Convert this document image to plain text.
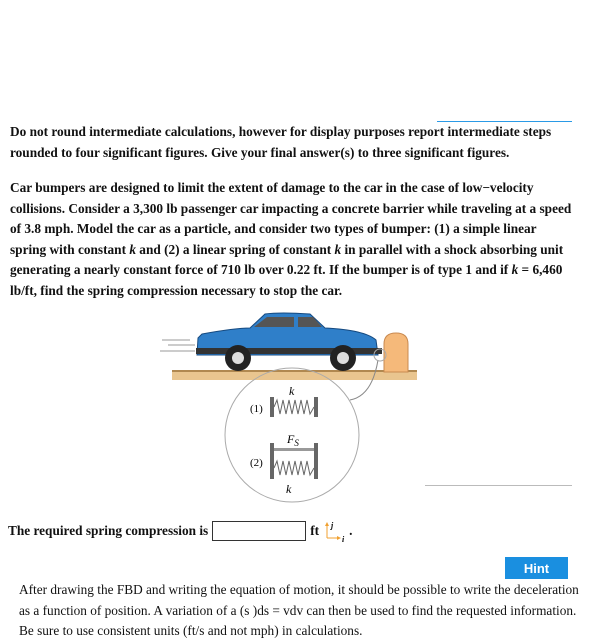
Do not round intermediate calculations, however for display purposes report intermediate steps rounded to four significant figures. Give your final answer(s) to three significant figures.
Car bumpers are designed to limit the extent of damage to the car in the case of low−velocity collisions. Consider a 3,300 lb passenger car impacting a concrete barrier while traveling at a speed of 3.8 mph. Model the car as a particle, and consider two types of bumper: (1) a simple linear spring with constant k and (2) a linear spring of constant k in parallel with a shock absorbing unit generating a nearly constant force of 710 lb over 0.22 ft. If the bumper is of type 1 and if k = 6,460 lb/ft, find the spring compression necessary to stop the car.
k
(1)
$F_S$
(2)
k
The required spring compression is	ft j
i
.
Hint
After drawing the FBD and writing the equation of motion, it should be possible to write the deceleration as a function of position. A variation of a (s )ds = vdv can then be used to find the requested information. Be sure to use consistent units (ft/s and not mph) in calculations.
